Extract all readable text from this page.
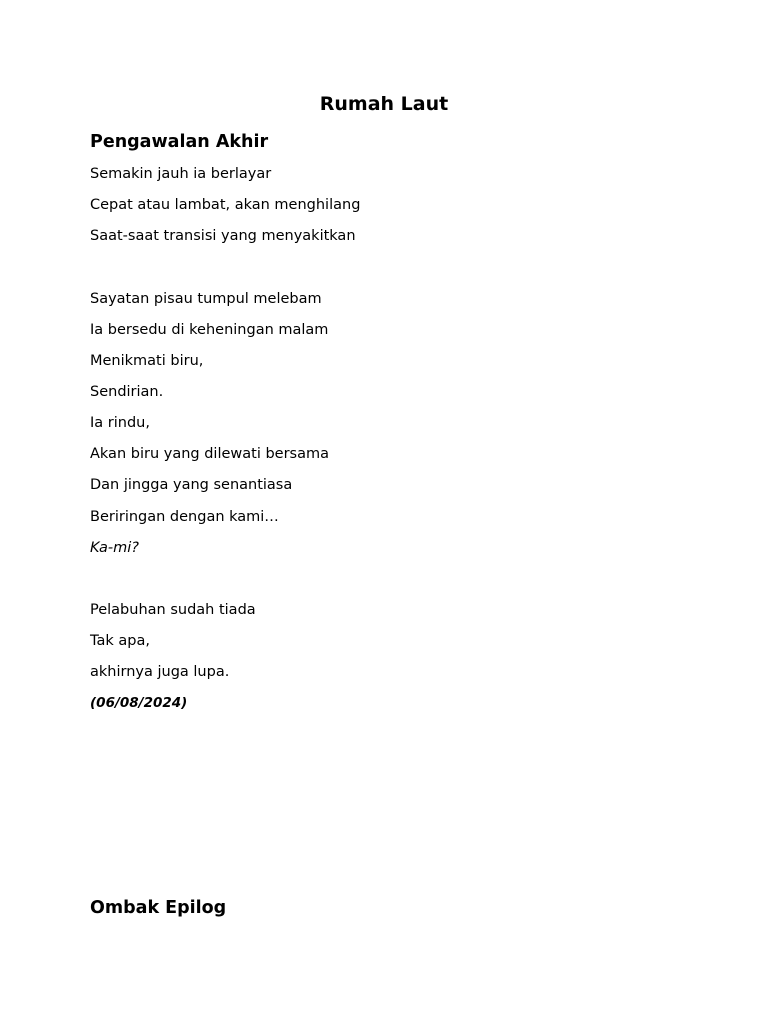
Rumah Laut
Pengawalan Akhir
Semakin jauh ia berlayar
Cepat atau lambat, akan menghilang
Saat-saat transisi yang menyakitkan
Sayatan pisau tumpul melebam
Ia bersedu di keheningan malam
Menikmati biru,
Sendirian.
Ia rindu,
Akan biru yang dilewati bersama
Dan jingga yang senantiasa
Beriringan dengan kami…
Ka-mi?
Pelabuhan sudah tiada
Tak apa,
akhirnya juga lupa.
(06/08/2024)
Ombak Epilog
